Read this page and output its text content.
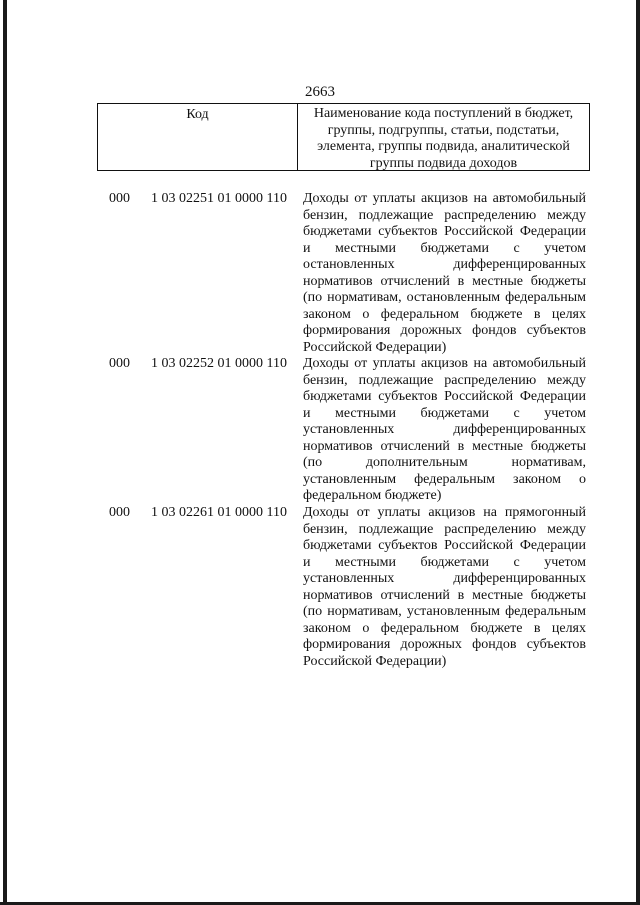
2663
Код	Наименование кода поступлений в бюджет, группы, подгруппы, статьи, подстатьи, элемента, группы подвида, аналитической группы подвида доходов
000 1 03 02251 01 0000 110 Доходы от уплаты акцизов на автомобильный бензин, подлежащие распределению между бюджетами субъектов Российской Федерации и местными бюджетами с учетом остановленных дифференцированных нормативов отчислений в местные бюджеты (по нормативам, остановленным федеральным законом о федеральном бюджете в целях формирования дорожных фондов субъектов Российской Федерации)
000 1 03 02252 01 0000 110 Доходы от уплаты акцизов на автомобильный бензин, подлежащие распределению между бюджетами субъектов Российской Федерации и местными бюджетами с учетом установленных дифференцированных нормативов отчислений в местные бюджеты (по дополнительным нормативам, установленным федеральным законом о федеральном бюджете)
000 1 03 02261 01 0000 110 Доходы от уплаты акцизов на прямогонный бензин, подлежащие распределению между бюджетами субъектов Российской Федерации и местными бюджетами с учетом установленных дифференцированных нормативов отчислений в местные бюджеты (по нормативам, установленным федеральным законом о федеральном бюджете в целях формирования дорожных фондов субъектов Российской Федерации)
